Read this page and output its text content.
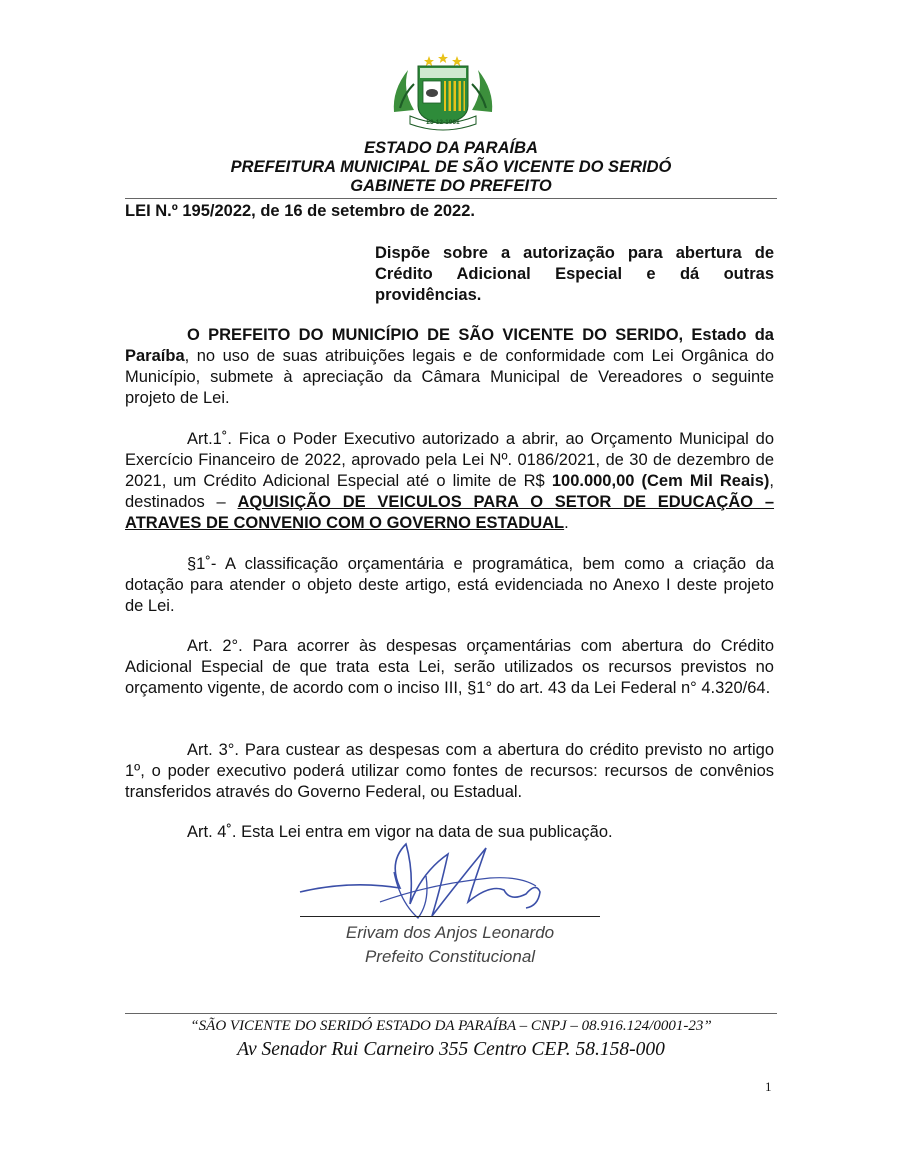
23-12-1961
ESTADO DA PARAÍBA
PREFEITURA MUNICIPAL DE SÃO VICENTE DO SERIDÓ
GABINETE DO PREFEITO
LEI N.º 195/2022, de 16 de setembro de 2022.
Dispõe sobre a autorização para abertura de Crédito Adicional Especial e dá outras providências.
O PREFEITO DO MUNICÍPIO DE SÃO VICENTE DO SERIDO, Estado da Paraíba, no uso de suas atribuições legais e de conformidade com Lei Orgânica do Município, submete à apreciação da Câmara Municipal de Vereadores o seguinte projeto de Lei.
Art.1˚. Fica o Poder Executivo autorizado a abrir, ao Orçamento Municipal do Exercício Financeiro de 2022, aprovado pela Lei Nº. 0186/2021, de 30 de dezembro de 2021, um Crédito Adicional Especial até o limite de R$ 100.000,00 (Cem Mil Reais), destinados – AQUISIÇÃO DE VEICULOS PARA O SETOR DE EDUCAÇÃO – ATRAVES DE CONVENIO COM O GOVERNO ESTADUAL.
§1˚- A classificação orçamentária e programática, bem como a criação da dotação para atender o objeto deste artigo, está evidenciada no Anexo I deste projeto de Lei.
Art. 2°. Para acorrer às despesas orçamentárias com abertura do Crédito Adicional Especial de que trata esta Lei, serão utilizados os recursos previstos no orçamento vigente, de acordo com o inciso III, §1° do art. 43 da Lei Federal n° 4.320/64.
Art. 3°. Para custear as despesas com a abertura do crédito previsto no artigo 1º, o poder executivo poderá utilizar como fontes de recursos: recursos de convênios transferidos através do Governo Federal, ou Estadual.
Art. 4˚. Esta Lei entra em vigor na data de sua publicação.
Erivam dos Anjos Leonardo
Prefeito Constitucional
“SÃO VICENTE DO SERIDÓ ESTADO DA PARAÍBA – CNPJ – 08.916.124/0001-23”
Av Senador Rui Carneiro 355 Centro CEP. 58.158-000
1
